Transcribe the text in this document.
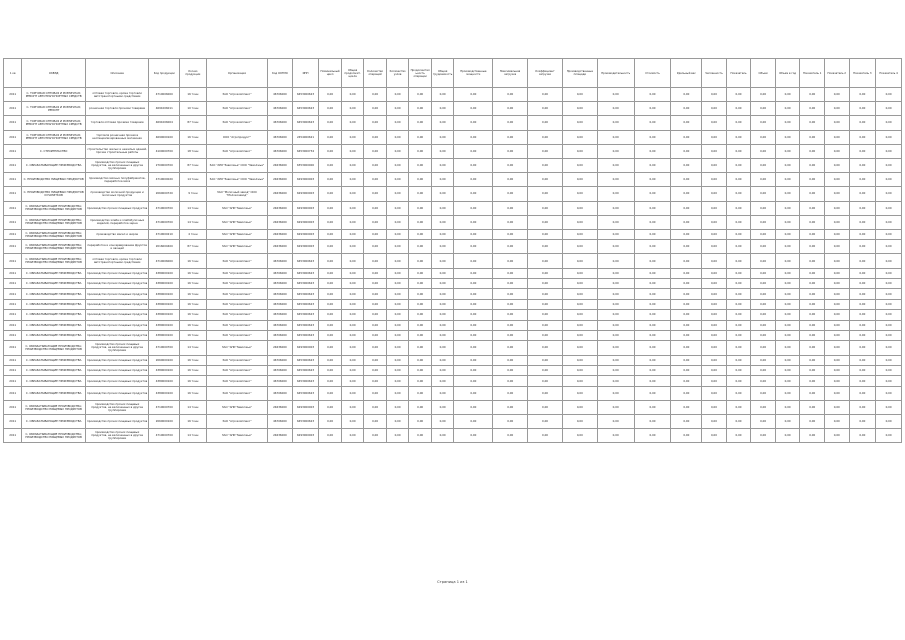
1 кв	ОКВЭД	Описание	Код продукции	Кол-во продукции	Организация	Код ОКТМО	ИНН	Номинальный цикл	Общая продолжит. цикла	Количество операций	Количество узлов	Продолжительность операции	Общая трудоемкость	Производственные мощности	Максимальная загрузка	Коэффициент загрузки	Производственные площади	Производительность	Стоимость	Удельный вес	Численность	Показатель	Объем	Объем в год	Показатель 1	Показатель 2	Показатель 3	Показатель 4
2011	С. ТОРГОВАЯ ОПТОВАЯ И РОЗНИЧНАЯ; РЕМОНТ АВТОТРАНСПОРТНЫХ СРЕДСТВ	оптовая торговля, кроме торговли автотранспортными средствами	4710006000	16 тонн	ЗАО "Агрокомплекс"	46706000	6453000623	0,00	0,00	0,00	0,00	0,00	0,00	0,00	0,00	0,00	0,00	0,00	0,00	0,00	0,00	0,00	0,00	0,00	0,00	0,00	0,00	0,00
2011	С. ТОРГОВАЯ ОПТОВАЯ И РОЗНИЧНАЯ; РЕМОНТ	розничная торговля прочими товарами	4691006011	10 тонн	ЗАО "Агрокомплекс"	46706000	6453000623	0,00	0,00	0,00	0,00	0,00	0,00	0,00	0,00	0,00	0,00	0,00	0,00	0,00	0,00	0,00	0,00	0,00	0,00	0,00	0,00	0,00
2011	С. ТОРГОВАЯ ОПТОВАЯ И РОЗНИЧНАЯ; РЕМОНТ АВТОТРАНСПОРТНЫХ СРЕДСТВ	торговля оптовая прочими товарами	4691006004	87 тонн	ЗАО "Агрокомплекс"	46706000	6453000623	0,00	0,00	0,00	0,00	0,00	0,00	0,00	0,00	0,00	0,00	0,00	0,00	0,00	0,00	0,00	0,00	0,00	0,00	0,00	0,00	0,00
2011	С. ТОРГОВАЯ ОПТОВАЯ И РОЗНИЧНАЯ; РЕМОНТ АВТОТРАНСПОРТНЫХ СРЕДСТВ	торговля розничная прочая в неспециализированных магазинах	4690000100	16 тонн	ООО "Агропродукт"	46706000	2454000621	0,00	0,00	0,00	0,00	0,00	0,00	0,00	0,00	0,00	0,00	0,00	0,00	0,00	0,00	0,00	0,00	0,00	0,00	0,00	0,00	0,00
2011	С. СТРОИТЕЛЬСТВО	строительство жилых и нежилых зданий, прочие строительные работы	4100000700	18 тонн	ЗАО "Агрокомплекс"	46706000	6453000734	0,00	0,00	0,00	0,00	0,00	0,00	0,00	0,00	0,00	0,00	0,00	0,00	0,00	0,00	0,00	0,00	0,00	0,00	0,00	0,00	0,00
2011	С. ОБРАБАТЫВАЮЩИЕ ПРОИЗВОДСТВА	производство прочих пищевых продуктов, не включенных в другие группировки	2700000700	87 тонн	ЗАО "АПК"Заволжье" ООО "Заволжье"	24636000	6353000000	0,00	0,00	0,00	0,00	0,00	0,00	0,00	0,00	0,00	0,00	0,00	0,00	0,00	0,00	0,00	0,00	0,00	0,00	0,00	0,00	0,00
2011	С. ПРОИЗВОДСТВО ПИЩЕВЫХ ПРОДУКТОВ	производство мясных полуфабрикатов, переработка мяса	4719000020	14 тонн	ЗАО "АПК"Заволжье" ООО "Заволжье"	24636000	6293000003	0,00	0,00	0,00	0,00	0,00	0,00	0,00	0,00	0,00	0,00	0,00	0,00	0,00	0,00	0,00	0,00	0,00	0,00	0,00	0,00	0,00
2011	С. ПРОИЗВОДСТВО ПИЩЕВЫХ ПРОДУКТОВ И НАПИТКОВ	производство молочной продукции и молочных продуктов	2060000720	9 тонн	ЗАО "Молочный завод" ООО "Молокозавод"	24636000	6293000003	0,00	0,00	0,00	0,00	0,00	0,00	0,00	0,00	0,00	0,00	0,00	0,00	0,00	0,00	0,00	0,00	0,00	0,00	0,00	0,00	0,00
2011	С. ОБРАБАТЫВАЮЩИЕ ПРОИЗВОДСТВА; ПРОИЗВОДСТВО ПИЩЕВЫХ ПРОДУКТОВ	производство прочих пищевых продуктов	4719000700	14 тонн	ЗАО "АПК"Заволжье"	24636000	6293000003	0,00	0,00	0,00	0,00	0,00	0,00	0,00	0,00	0,00	0,00	0,00	0,00	0,00	0,00	0,00	0,00	0,00	0,00	0,00	0,00	0,00
2011	С. ОБРАБАТЫВАЮЩИЕ ПРОИЗВОДСТВА; ПРОИЗВОДСТВО ПИЩЕВЫХ ПРОДУКТОВ	производство хлеба и хлебобулочных изделий, переработка зерна	4719000700	14 тонн	ЗАО "АПК"Заволжье"	24636000	6293000003	0,00	0,00	0,00	0,00	0,00	0,00	0,00	0,00	0,00	0,00	0,00	0,00	0,00	0,00	0,00	0,00	0,00	0,00	0,00	0,00	0,00
2011	С. ОБРАБАТЫВАЮЩИЕ ПРОИЗВОДСТВА; ПРОИЗВОДСТВО ПИЩЕВЫХ ПРОДУКТОВ	производство масел и жиров	4719000210	4 тонн	ЗАО "АПК"Заволжье"	24636000	6293000003	0,00	0,00	0,00	0,00	0,00	0,00	0,00	0,00	0,00	0,00	0,00	0,00	0,00	0,00	0,00	0,00	0,00	0,00	0,00	0,00	0,00
2011	С. ОБРАБАТЫВАЮЩИЕ ПРОИЗВОДСТВА; ПРОИЗВОДСТВО ПИЩЕВЫХ ПРОДУКТОВ	переработка и консервирование фруктов и овощей	2016000400	87 тонн	ЗАО "АПК"Заволжье"	24636000	6293000003	0,00	0,00	0,00	0,00	0,00	0,00	0,00	0,00	0,00	0,00	0,00	0,00	0,00	0,00	0,00	0,00	0,00	0,00	0,00	0,00	0,00
2011	С. ОБРАБАТЫВАЮЩИЕ ПРОИЗВОДСТВА; ПРОИЗВОДСТВО ПИЩЕВЫХ ПРОДУКТОВ	оптовая торговля, кроме торговли автотранспортными средствами	4710006000	16 тонн	ЗАО "Агрокомплекс"	46706000	6453000623	0,00	0,00	0,00	0,00	0,00	0,00	0,00	0,00	0,00	0,00	0,00	0,00	0,00	0,00	0,00	0,00	0,00	0,00	0,00	0,00	0,00
2011	С. ОБРАБАТЫВАЮЩИЕ ПРОИЗВОДСТВА	производство прочих пищевых продуктов	4380000100	16 тонн	ЗАО "Агрокомплекс"	46706000	6453000623	0,00	0,00	0,00	0,00	0,00	0,00	0,00	0,00	0,00	0,00	0,00	0,00	0,00	0,00	0,00	0,00	0,00	0,00	0,00	0,00	0,00
2011	С. ОБРАБАТЫВАЮЩИЕ ПРОИЗВОДСТВА	производство прочих пищевых продуктов	4380000100	16 тонн	ЗАО "Агрокомплекс"	46706000	6453000623	0,00	0,00	0,00	0,00	0,00	0,00	0,00	0,00	0,00	0,00	0,00	0,00	0,00	0,00	0,00	0,00	0,00	0,00	0,00	0,00	0,00
2011	С. ОБРАБАТЫВАЮЩИЕ ПРОИЗВОДСТВА	производство прочих пищевых продуктов	4380000100	16 тонн	ЗАО "Агрокомплекс"	46706000	6453000623	0,00	0,00	0,00	0,00	0,00	0,00	0,00	0,00	0,00	0,00	0,00	0,00	0,00	0,00	0,00	0,00	0,00	0,00	0,00	0,00	0,00
2011	С. ОБРАБАТЫВАЮЩИЕ ПРОИЗВОДСТВА	производство прочих пищевых продуктов	4380000100	16 тонн	ЗАО "Агрокомплекс"	46706000	6453000623	0,00	0,00	0,00	0,00	0,00	0,00	0,00	0,00	0,00	0,00	0,00	0,00	0,00	0,00	0,00	0,00	0,00	0,00	0,00	0,00	0,00
2011	С. ОБРАБАТЫВАЮЩИЕ ПРОИЗВОДСТВА	производство прочих пищевых продуктов	4380000100	16 тонн	ЗАО "Агрокомплекс"	46706000	6453000623	0,00	0,00	0,00	0,00	0,00	0,00	0,00	0,00	0,00	0,00	0,00	0,00	0,00	0,00	0,00	0,00	0,00	0,00	0,00	0,00	0,00
2011	С. ОБРАБАТЫВАЮЩИЕ ПРОИЗВОДСТВА	производство прочих пищевых продуктов	4380000100	16 тонн	ЗАО "Агрокомплекс"	46706000	6453000623	0,00	0,00	0,00	0,00	0,00	0,00	0,00	0,00	0,00	0,00	0,00	0,00	0,00	0,00	0,00	0,00	0,00	0,00	0,00	0,00	0,00
2011	С. ОБРАБАТЫВАЮЩИЕ ПРОИЗВОДСТВА	производство прочих пищевых продуктов	4380000100	16 тонн	ЗАО "Агрокомплекс"	46706000	6453000623	0,00	0,00	0,00	0,00	0,00	0,00	0,00	0,00	0,00	0,00	0,00	0,00	0,00	0,00	0,00	0,00	0,00	0,00	0,00	0,00	0,00
2011	С. ОБРАБАТЫВАЮЩИЕ ПРОИЗВОДСТВА; ПРОИЗВОДСТВО ПИЩЕВЫХ ПРОДУКТОВ	производство прочих пищевых продуктов, не включенных в другие группировки	4719000700	14 тонн	ЗАО "АПК"Заволжье"	24636000	6293000003	0,00	0,00	0,00	0,00	0,00	0,00	0,00	0,00	0,00	0,00	0,00	0,00	0,00	0,00	0,00	0,00	0,00	0,00	0,00	0,00	0,00
2011	С. ОБРАБАТЫВАЮЩИЕ ПРОИЗВОДСТВА	производство прочих пищевых продуктов	2060000100	16 тонн	ЗАО "Агрокомплекс"	46706000	6453000623	0,00	0,00	0,00	0,00	0,00	0,00	0,00	0,00	0,00	0,00	0,00	0,00	0,00	0,00	0,00	0,00	0,00	0,00	0,00	0,00	0,00
2011	С. ОБРАБАТЫВАЮЩИЕ ПРОИЗВОДСТВА	производство прочих пищевых продуктов	4380000100	16 тонн	ЗАО "Агрокомплекс"	46706000	6453000623	0,00	0,00	0,00	0,00	0,00	0,00	0,00	0,00	0,00	0,00	0,00	0,00	0,00	0,00	0,00	0,00	0,00	0,00	0,00	0,00	0,00
2011	С. ОБРАБАТЫВАЮЩИЕ ПРОИЗВОДСТВА	производство прочих пищевых продуктов	4380000100	16 тонн	ЗАО "Агрокомплекс"	46706000	6453000623	0,00	0,00	0,00	0,00	0,00	0,00	0,00	0,00	0,00	0,00	0,00	0,00	0,00	0,00	0,00	0,00	0,00	0,00	0,00	0,00	0,00
2011	С. ОБРАБАТЫВАЮЩИЕ ПРОИЗВОДСТВА	производство прочих пищевых продуктов	4380000100	16 тонн	ЗАО "Агрокомплекс"	46706000	6453000623	0,00	0,00	0,00	0,00	0,00	0,00	0,00	0,00	0,00	0,00	0,00	0,00	0,00	0,00	0,00	0,00	0,00	0,00	0,00	0,00	0,00
2011	С. ОБРАБАТЫВАЮЩИЕ ПРОИЗВОДСТВА; ПРОИЗВОДСТВО ПИЩЕВЫХ ПРОДУКТОВ	производство прочих пищевых продуктов, не включенных в другие группировки	4719000700	14 тонн	ЗАО "АПК"Заволжье"	24636000	6293000003	0,00	0,00	0,00	0,00	0,00	0,00	0,00	0,00	0,00	0,00	0,00	0,00	0,00	0,00	0,00	0,00	0,00	0,00	0,00	0,00	0,00
2011	С. ОБРАБАТЫВАЮЩИЕ ПРОИЗВОДСТВА	производство прочих пищевых продуктов	2060000100	16 тонн	ЗАО "Агрокомплекс"	46706000	6453000623	0,00	0,00	0,00	0,00	0,00	0,00	0,00	0,00	0,00	0,00	0,00	0,00	0,00	0,00	0,00	0,00	0,00	0,00	0,00	0,00	0,00
2011	С. ОБРАБАТЫВАЮЩИЕ ПРОИЗВОДСТВА; ПРОИЗВОДСТВО ПИЩЕВЫХ ПРОДУКТОВ	производство прочих пищевых продуктов, не включенных в другие группировки	4719000700	14 тонн	ЗАО "АПК"Заволжье"	24636000	6293000003	0,00	0,00	0,00	0,00	0,00	0,00	0,00	0,00	0,00	0,00	0,00	0,00	0,00	0,00	0,00	0,00	0,00	0,00	0,00	0,00	0,00
Страница 1 из 1
